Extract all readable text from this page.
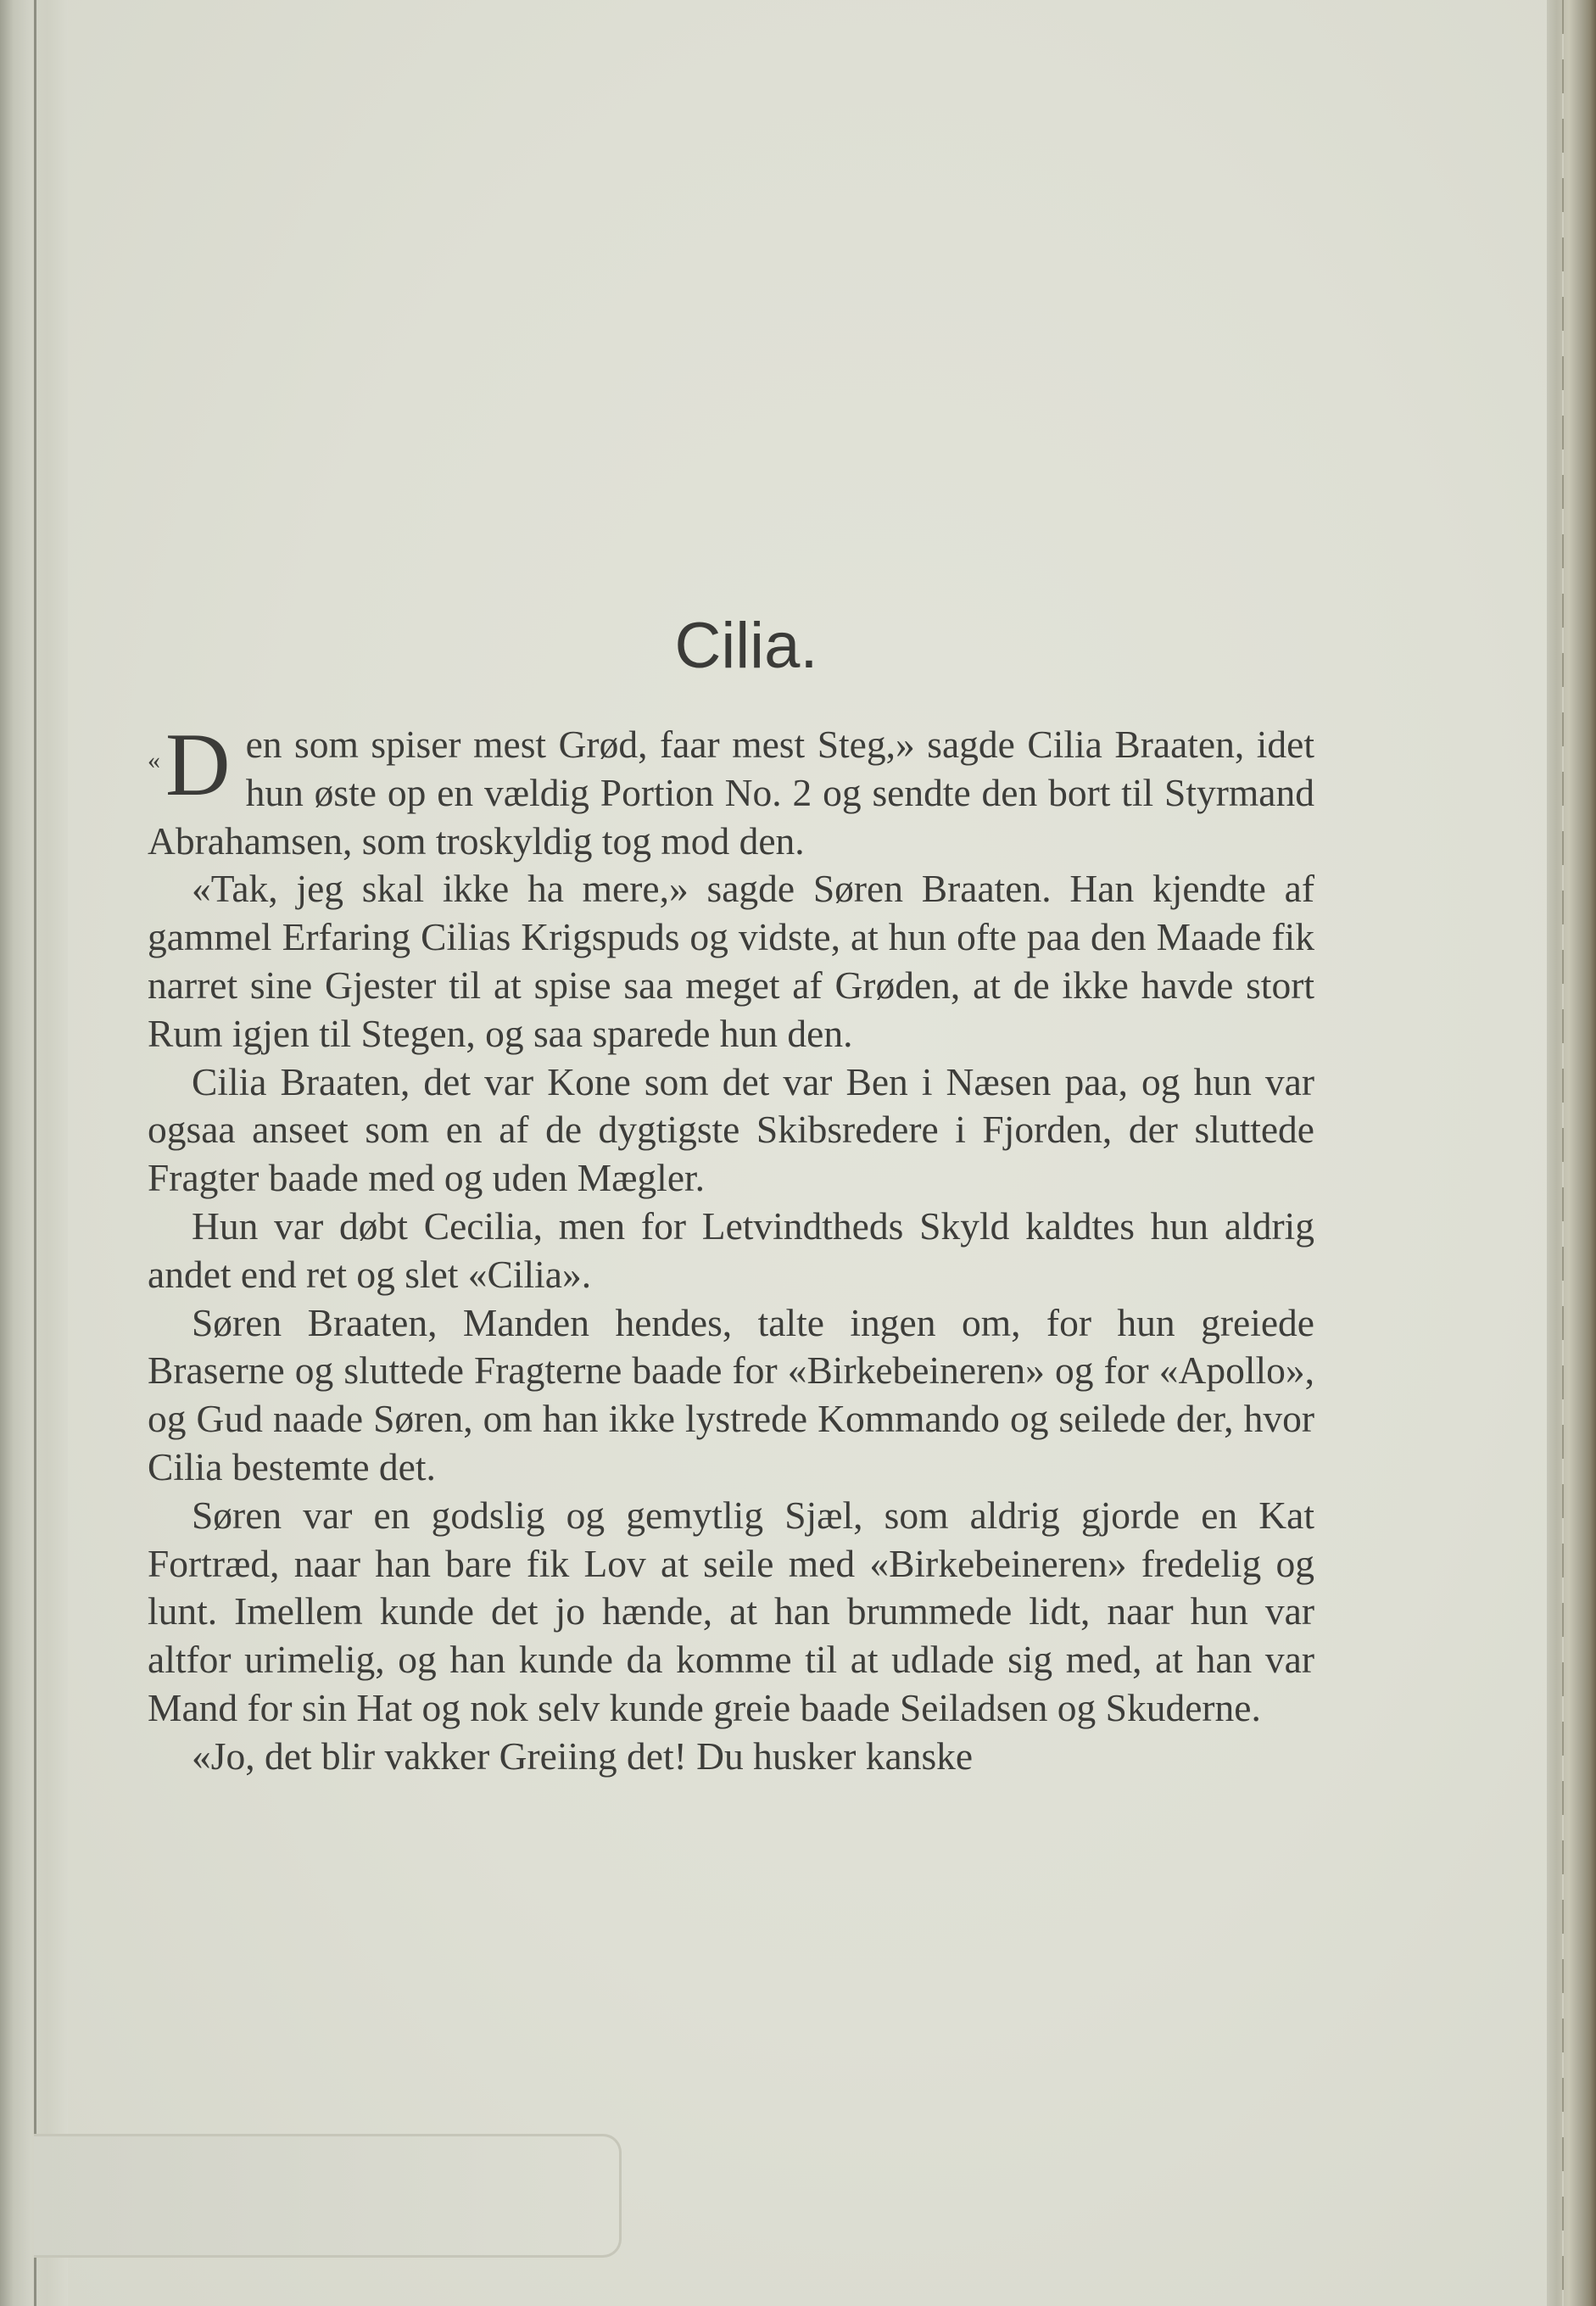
Cilia.

«D en som spiser mest Grød, faar mest Steg,» sagde Cilia Braaten, idet hun øste op en vældig Portion No. 2 og sendte den bort til Styrmand Abrahamsen, som troskyldig tog mod den.

«Tak, jeg skal ikke ha mere,» sagde Søren Braaten. Han kjendte af gammel Erfaring Cilias Krigspuds og vidste, at hun ofte paa den Maade fik narret sine Gjester til at spise saa meget af Grøden, at de ikke havde stort Rum igjen til Stegen, og saa sparede hun den.

Cilia Braaten, det var Kone som det var Ben i Næsen paa, og hun var ogsaa anseet som en af de dygtigste Skibsredere i Fjorden, der sluttede Fragter baade med og uden Mægler.

Hun var døbt Cecilia, men for Letvindtheds Skyld kaldtes hun aldrig andet end ret og slet «Cilia».

Søren Braaten, Manden hendes, talte ingen om, for hun greiede Braserne og sluttede Fragterne baade for «Birkebeineren» og for «Apollo», og Gud naade Søren, om han ikke lystrede Kommando og seilede der, hvor Cilia bestemte det.

Søren var en godslig og gemytlig Sjæl, som aldrig gjorde en Kat Fortræd, naar han bare fik Lov at seile med «Birkebeineren» fredelig og lunt. Imellem kunde det jo hænde, at han brummede lidt, naar hun var altfor urimelig, og han kunde da komme til at udlade sig med, at han var Mand for sin Hat og nok selv kunde greie baade Seiladsen og Skuderne.

«Jo, det blir vakker Greiing det! Du husker kanske
